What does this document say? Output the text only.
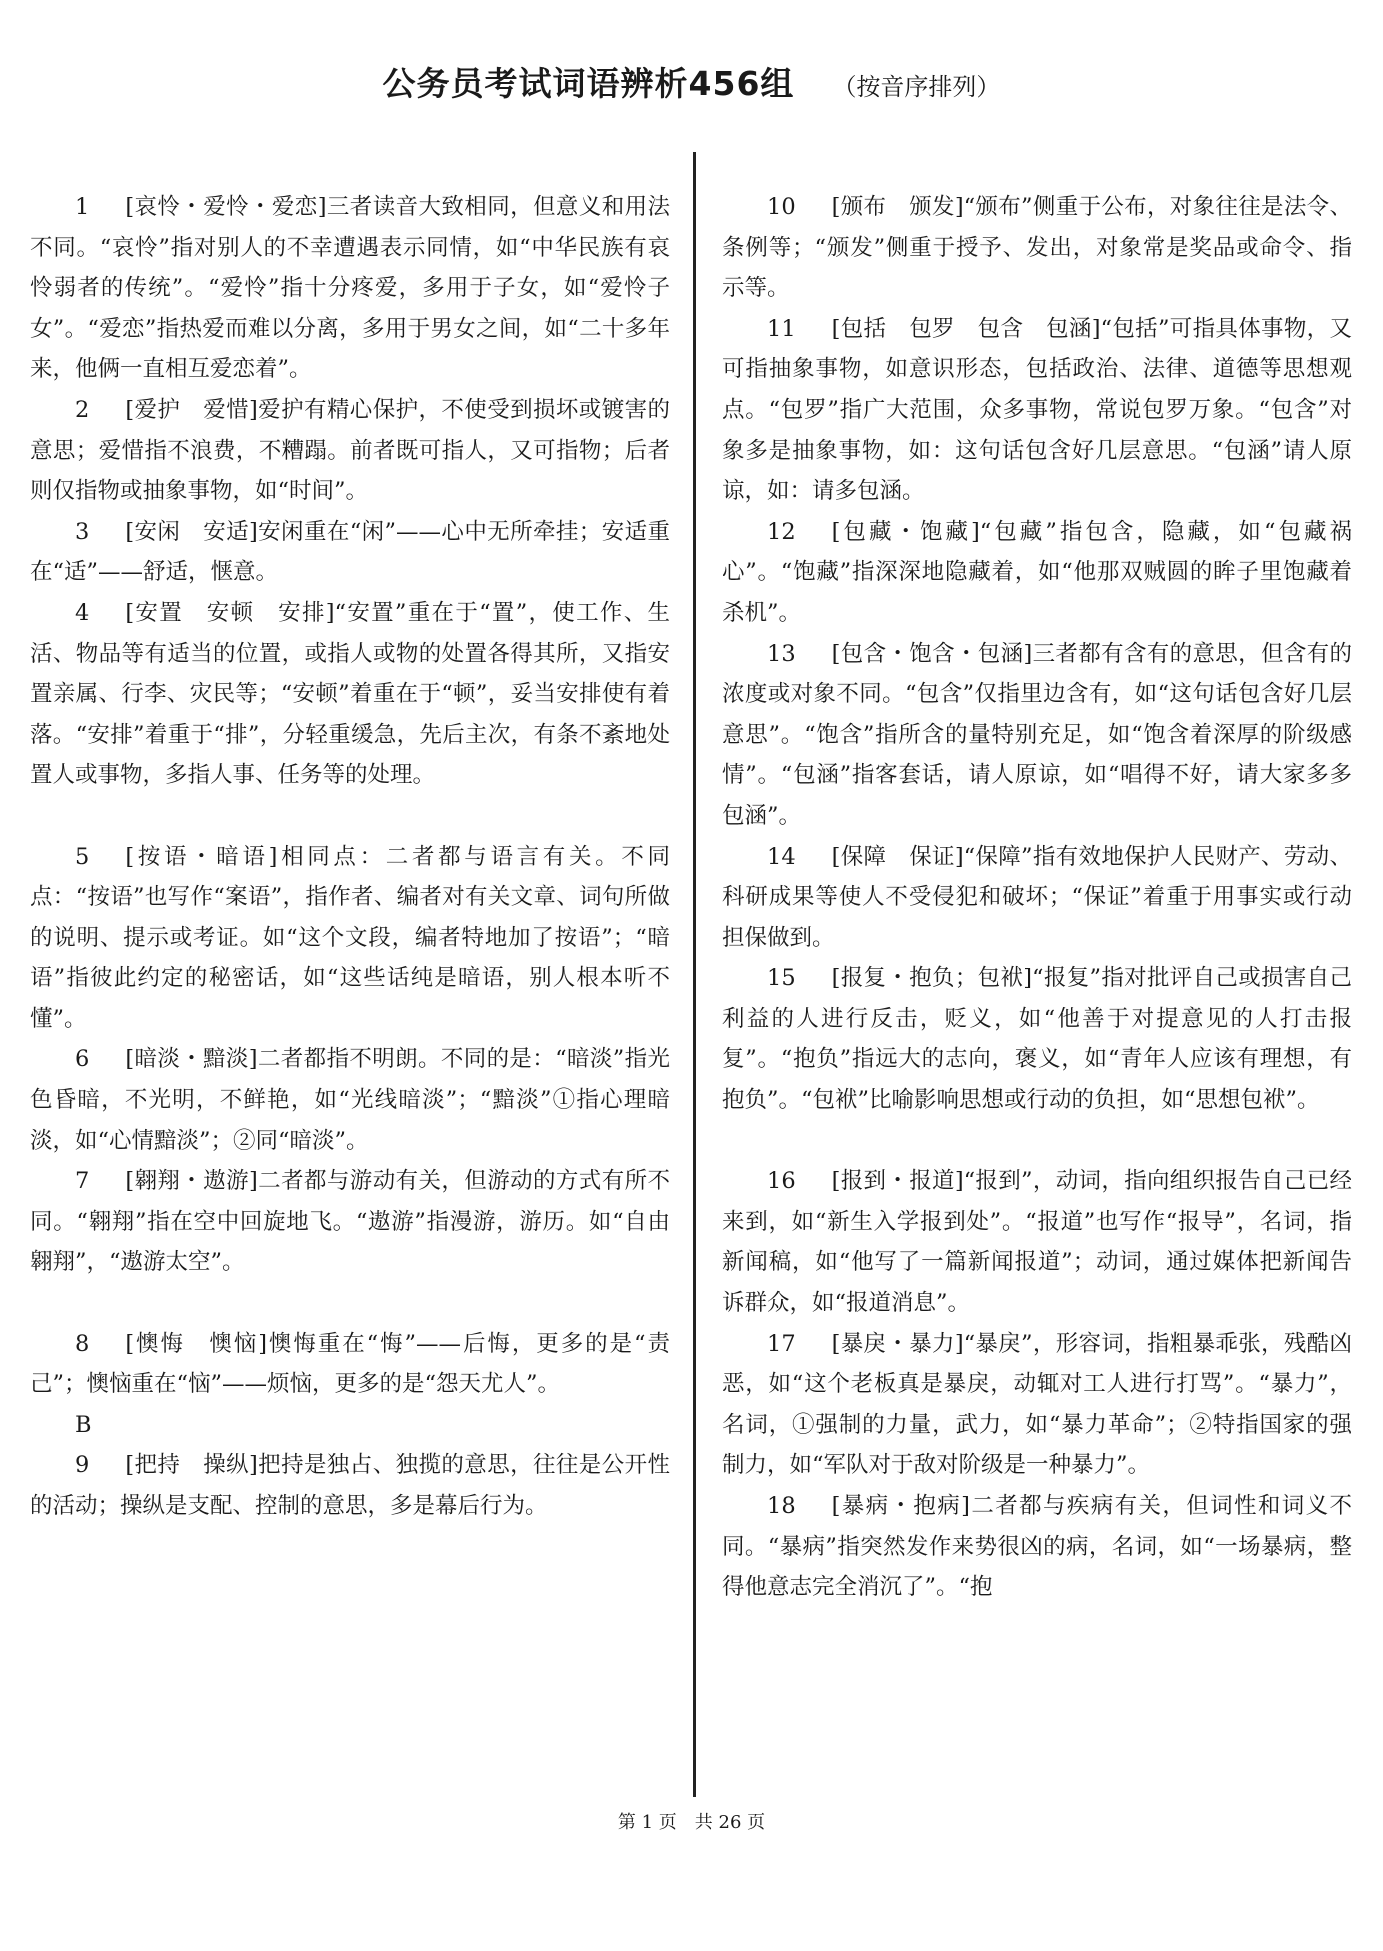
公务员考试词语辨析456组 （按音序排列）

1 [哀怜・爱怜・爱恋]三者读音大致相同，但意义和用法不同。“哀怜”指对别人的不幸遭遇表示同情，如“中华民族有哀怜弱者的传统”。“爱怜”指十分疼爱，多用于子女，如“爱怜子女”。“爱恋”指热爱而难以分离，多用于男女之间，如“二十多年来，他俩一直相互爱恋着”。

2 [爱护　爱惜]爱护有精心保护，不使受到损坏或镀害的意思；爱惜指不浪费，不糟蹋。前者既可指人，又可指物；后者则仅指物或抽象事物，如“时间”。

3 [安闲　安适]安闲重在“闲”——心中无所牵挂；安适重在“适”——舒适，惬意。

4 [安置　安顿　安排]“安置”重在于“置”，使工作、生活、物品等有适当的位置，或指人或物的处置各得其所，又指安置亲属、行李、灾民等；“安顿”着重在于“顿”，妥当安排使有着落。“安排”着重于“排”，分轻重缓急，先后主次，有条不紊地处置人或事物，多指人事、任务等的处理。

5 [按语・暗语]相同点：二者都与语言有关。不同点：“按语”也写作“案语”，指作者、编者对有关文章、词句所做的说明、提示或考证。如“这个文段，编者特地加了按语”；“暗语”指彼此约定的秘密话，如“这些话纯是暗语，别人根本听不懂”。

6 [暗淡・黯淡]二者都指不明朗。不同的是：“暗淡”指光色昏暗，不光明，不鲜艳，如“光线暗淡”；“黯淡”①指心理暗淡，如“心情黯淡”；②同“暗淡”。

7 [翱翔・遨游]二者都与游动有关，但游动的方式有所不同。“翱翔”指在空中回旋地飞。“遨游”指漫游，游历。如“自由翱翔”，“遨游太空”。

8 [懊悔　懊恼]懊悔重在“悔”——后悔，更多的是“责己”；懊恼重在“恼”——烦恼，更多的是“怨天尤人”。

B

9 [把持　操纵]把持是独占、独揽的意思，往往是公开性的活动；操纵是支配、控制的意思，多是幕后行为。

10 [颁布　颁发]“颁布”侧重于公布，对象往往是法令、条例等；“颁发”侧重于授予、发出，对象常是奖品或命令、指示等。

11 [包括　包罗　包含　包涵]“包括”可指具体事物，又可指抽象事物，如意识形态，包括政治、法律、道德等思想观点。“包罗”指广大范围，众多事物，常说包罗万象。“包含”对象多是抽象事物，如：这句话包含好几层意思。“包涵”请人原谅，如：请多包涵。

12 [包藏・饱藏]“包藏”指包含，隐藏，如“包藏祸心”。“饱藏”指深深地隐藏着，如“他那双贼圆的眸子里饱藏着杀机”。

13 [包含・饱含・包涵]三者都有含有的意思，但含有的浓度或对象不同。“包含”仅指里边含有，如“这句话包含好几层意思”。“饱含”指所含的量特别充足，如“饱含着深厚的阶级感情”。“包涵”指客套话，请人原谅，如“唱得不好，请大家多多包涵”。

14 [保障　保证]“保障”指有效地保护人民财产、劳动、科研成果等使人不受侵犯和破坏；“保证”着重于用事实或行动担保做到。

15 [报复・抱负；包袱]“报复”指对批评自己或损害自己利益的人进行反击，贬义，如“他善于对提意见的人打击报复”。“抱负”指远大的志向，褒义，如“青年人应该有理想，有抱负”。“包袱”比喻影响思想或行动的负担，如“思想包袱”。

16 [报到・报道]“报到”，动词，指向组织报告自己已经来到，如“新生入学报到处”。“报道”也写作“报导”，名词，指新闻稿，如“他写了一篇新闻报道”；动词，通过媒体把新闻告诉群众，如“报道消息”。

17 [暴戾・暴力]“暴戾”，形容词，指粗暴乖张，残酷凶恶，如“这个老板真是暴戾，动辄对工人进行打骂”。“暴力”，名词，①强制的力量，武力，如“暴力革命”；②特指国家的强制力，如“军队对于敌对阶级是一种暴力”。

18 [暴病・抱病]二者都与疾病有关，但词性和词义不同。“暴病”指突然发作来势很凶的病，名词，如“一场暴病，整得他意志完全消沉了”。“抱

第 1 页　共 26 页
